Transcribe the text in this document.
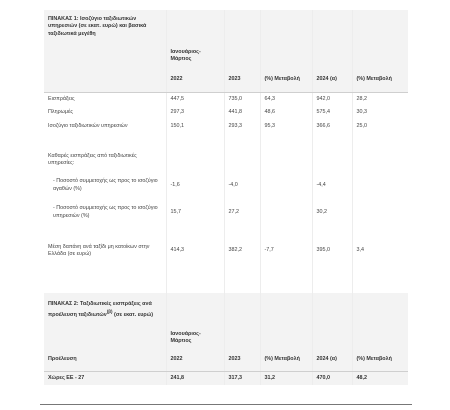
ΠΙΝΑΚΑΣ 1: Ισοζύγιο ταξιδιωτικών υπηρεσιών (σε εκατ. ευρώ) και βασικά ταξιδιωτικά μεγέθη					
	Ιανουάριος-Μάρτιος				
	2022	2023	(%) Μεταβολή	2024 (α)	(%) Μεταβολή
Εισπράξεις	447,5	735,0	64,3	942,0	28,2
Πληρωμές	297,3	441,8	48,6	575,4	30,3
Ισοζύγιο ταξιδιωτικών υπηρεσιών	150,1	293,3	95,3	366,6	25,0

Καθαρές εισπράξεις από ταξιδιωτικές υπηρεσίες:					
- Ποσοστό συμμετοχής ως προς το ισοζύγιο αγαθών (%)	-1,6	-4,0		-4,4	
- Ποσοστό συμμετοχής ως προς το ισοζύγιο υπηρεσιών (%)	15,7	27,2		30,2	

Μέση δαπάνη ανά ταξίδι μη κατοίκων στην Ελλάδα (σε ευρώ)	414,3	382,2	-7,7	395,0	3,4

ΠΙΝΑΚΑΣ 2: Ταξιδιωτικές εισπράξεις ανά προέλευση ταξιδιωτών$^{(\beta)}$ (σε εκατ. ευρώ)					
	Ιανουάριος-Μάρτιος				
Προέλευση	2022	2023	(%) Μεταβολή	2024 (α)	(%) Μεταβολή
Χώρες ΕΕ - 27	241,8	317,3	31,2	470,0	48,2
